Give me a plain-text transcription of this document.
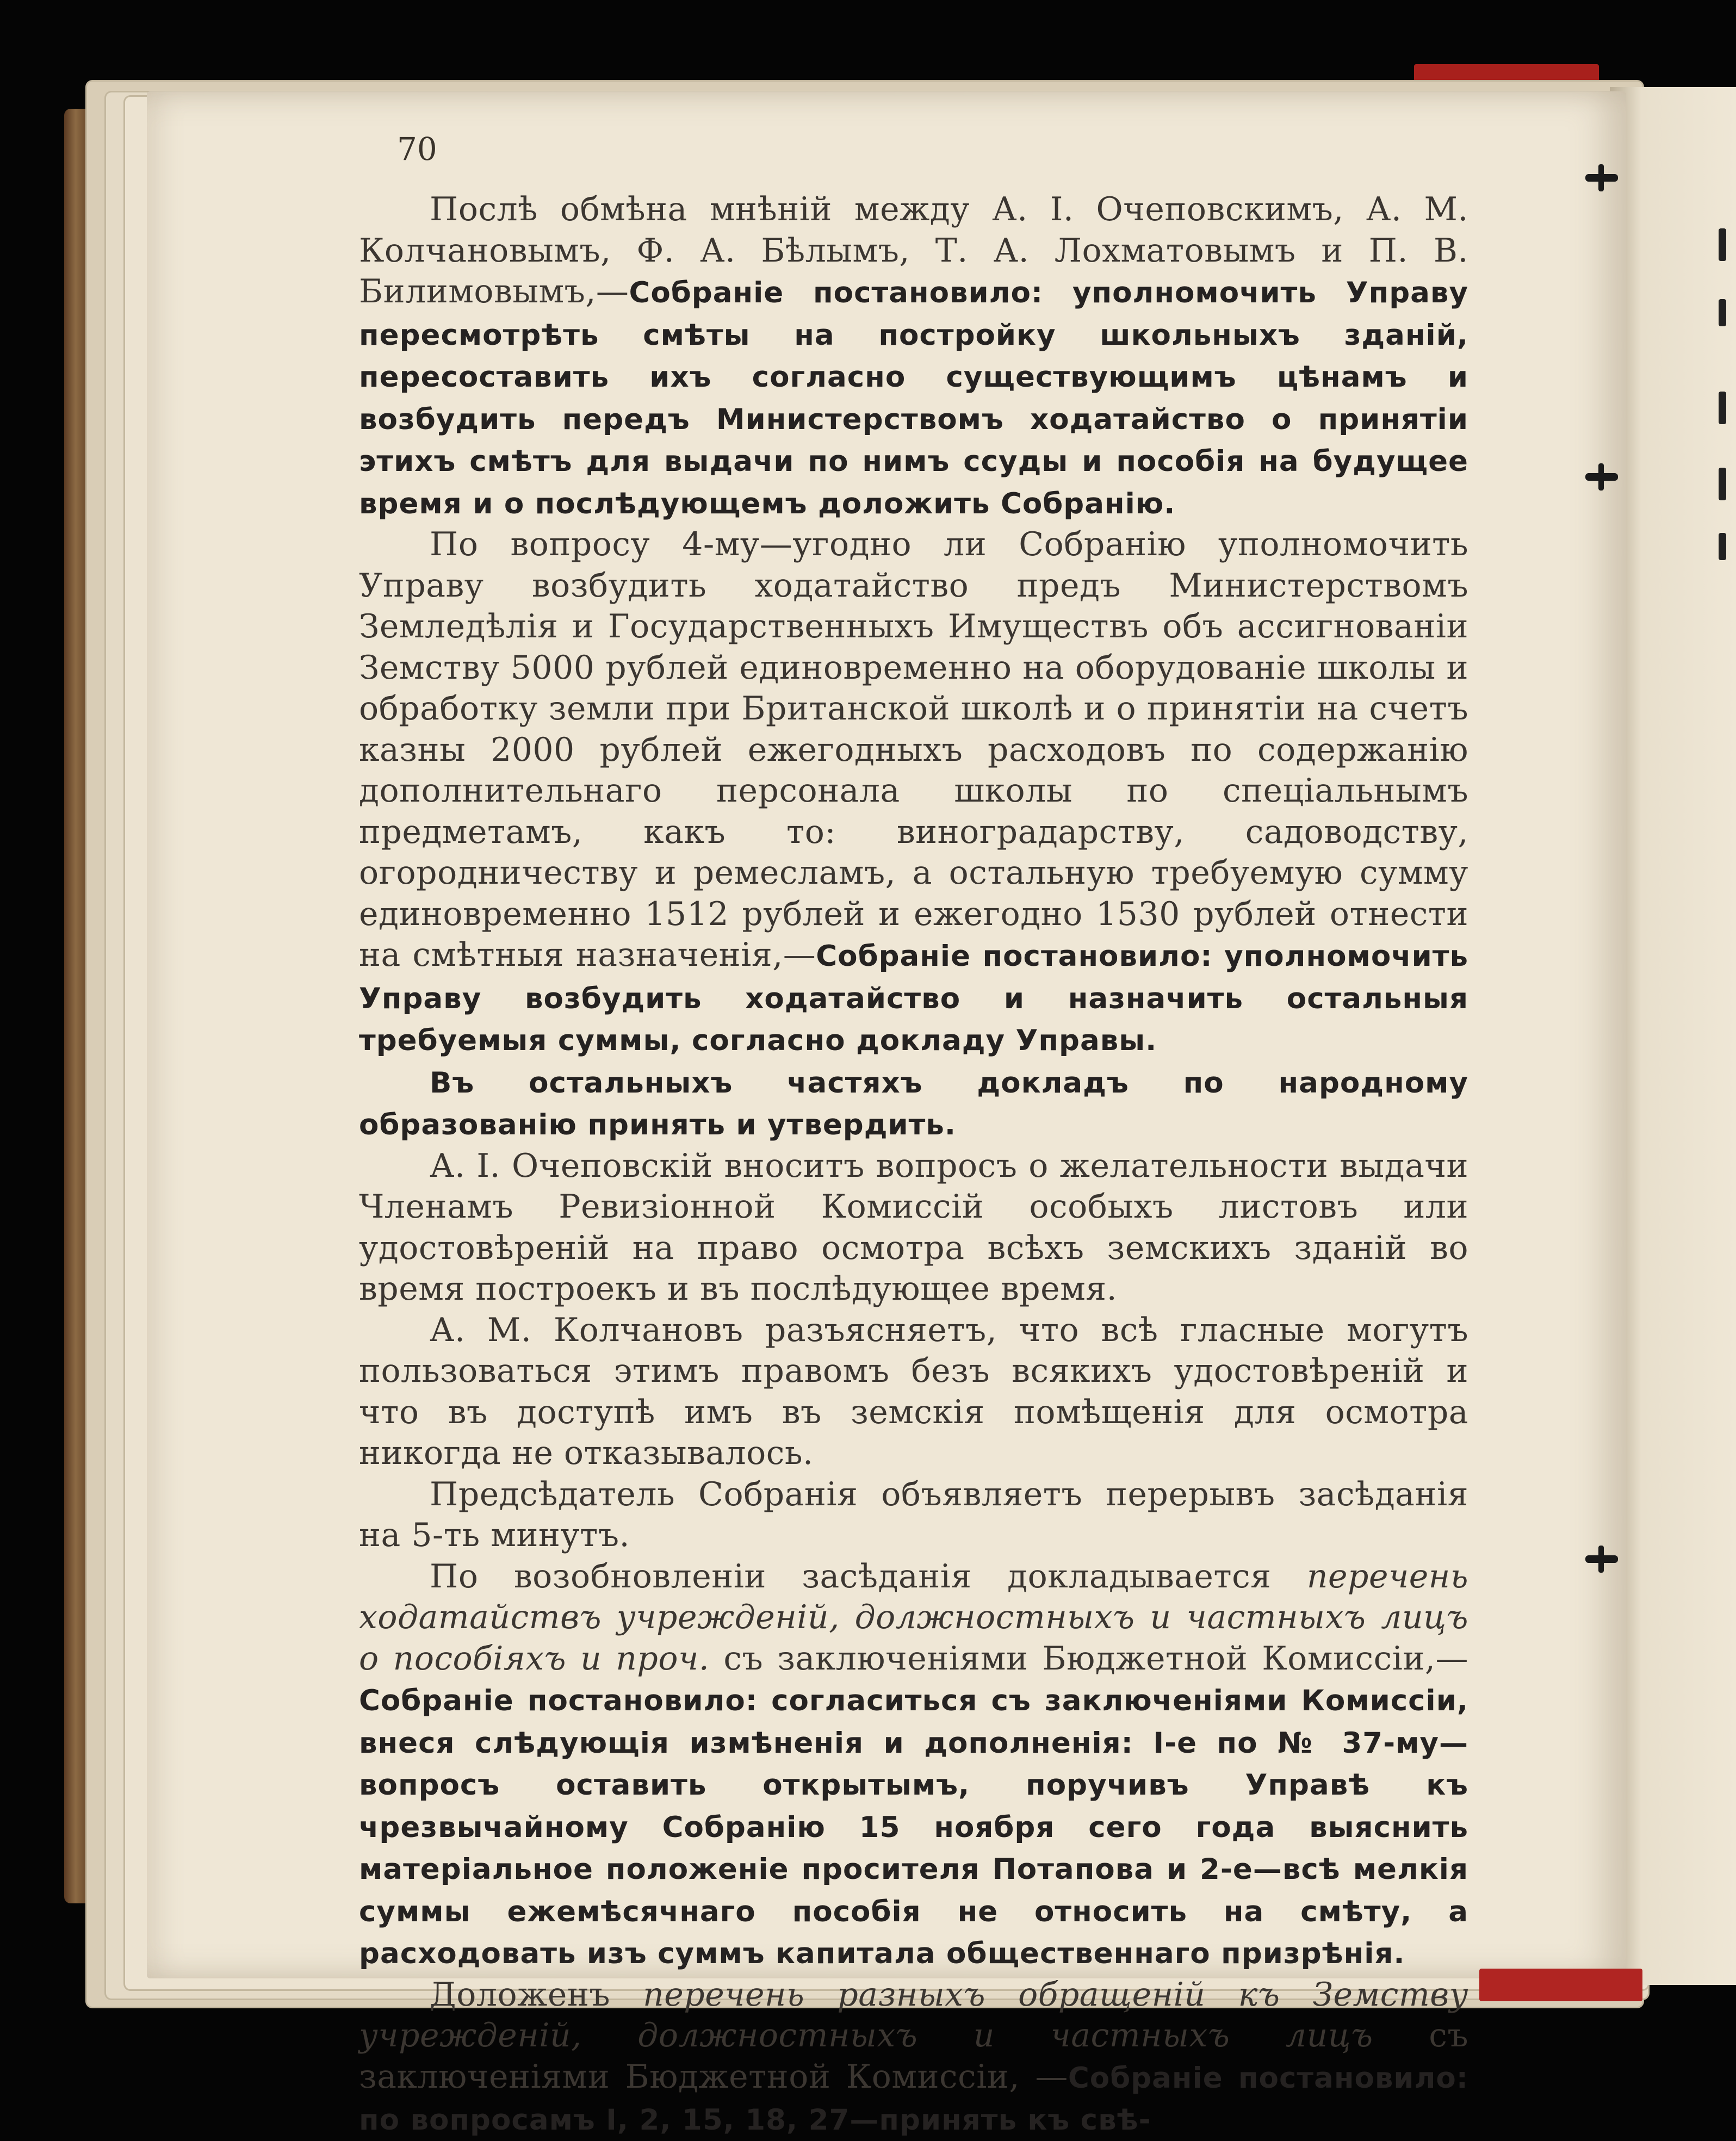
70

Послѣ обмѣна мнѣній между А. І. Очеповскимъ, А. М. Колчановымъ, Ф. А. Бѣлымъ, Т. А. Лохматовымъ и П. В. Билимовымъ,—Собраніе постановило: уполномочить Управу пересмотрѣть смѣты на постройку школьныхъ зданій, пересоставить ихъ согласно существующимъ цѣнамъ и возбудить передъ Министерствомъ ходатайство о принятіи этихъ смѣтъ для выдачи по нимъ ссуды и пособія на будущее время и о послѣдующемъ доложить Собранію.

По вопросу 4-му—угодно ли Собранію уполномочить Управу возбудить ходатайство предъ Министерствомъ Земледѣлія и Государственныхъ Имуществъ объ ассигнованіи Земству 5000 рублей единовременно на оборудованіе школы и обработку земли при Британской школѣ и о принятіи на счетъ казны 2000 рублей ежегодныхъ расходовъ по содержанію дополнительнаго персонала школы по спеціальнымъ предметамъ, какъ то: виноградарству, садоводству, огородничеству и ремесламъ, а остальную требуемую сумму единовременно 1512 рублей и ежегодно 1530 рублей отнести на смѣтныя назначенія,—Собраніе постановило: уполномочить Управу возбудить ходатайство и назначить остальныя требуемыя суммы, согласно докладу Управы.

Въ остальныхъ частяхъ докладъ по народному образованію принять и утвердить.

А. І. Очеповскій вноситъ вопросъ о желательности выдачи Членамъ Ревизіонной Комиссій особыхъ листовъ или удостовѣреній на право осмотра всѣхъ земскихъ зданій во время построекъ и въ послѣдующее время.

А. М. Колчановъ разъясняетъ, что всѣ гласные могутъ пользоваться этимъ правомъ безъ всякихъ удостовѣреній и что въ доступѣ имъ въ земскія помѣщенія для осмотра никогда не отказывалось.

Предсѣдатель Собранія объявляетъ перерывъ засѣданія на 5-ть минутъ.

По возобновленіи засѣданія докладывается перечень ходатайствъ учрежденій, должностныхъ и частныхъ лицъ о пособіяхъ и проч. съ заключеніями Бюджетной Комиссіи,—Собраніе постановило: согласиться съ заключеніями Комиссіи, внеся слѣдующія измѣненія и дополненія: І-е по № 37-му—вопросъ оставить открытымъ, поручивъ Управѣ къ чрезвычайному Собранію 15 ноября сего года выяснить матеріальное положеніе просителя Потапова и 2-е—всѣ мелкія суммы ежемѣсячнаго пособія не относить на смѣту, а расходовать изъ суммъ капитала общественнаго призрѣнія.

Доложенъ перечень разныхъ обращеній къ Земству учрежденій, должностныхъ и частныхъ лицъ съ заключеніями Бюджетной Комиссіи, —Собраніе постановило: по вопросамъ І, 2, 15, 18, 27—принять къ свѣ-
